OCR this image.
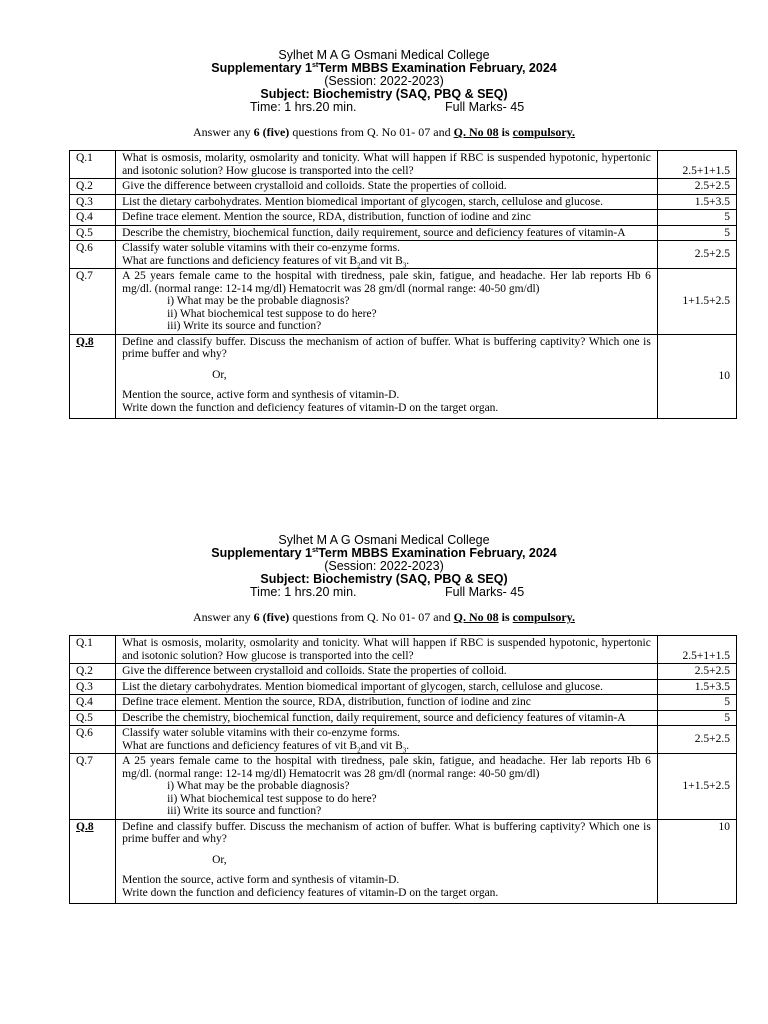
Sylhet M A G Osmani Medical College
Supplementary 1stTerm MBBS Examination February, 2024
(Session: 2022-2023)
Subject: Biochemistry (SAQ, PBQ & SEQ)
Time: 1 hrs.20 min.	Full Marks- 45
Answer any 6 (five) questions from Q. No 01- 07 and Q. No 08 is compulsory.
Q.1	What is osmosis, molarity, osmolarity and tonicity. What will happen if RBC is suspended hypotonic, hypertonic and isotonic solution? How glucose is transported into the cell?	2.5+1+1.5
Q.2	Give the difference between crystalloid and colloids. State the properties of colloid.	2.5+2.5
Q.3	List the dietary carbohydrates. Mention biomedical important of glycogen, starch, cellulose and glucose.	1.5+3.5
Q.4	Define trace element. Mention the source, RDA, distribution, function of iodine and zinc	5
Q.5	Describe the chemistry, biochemical function, daily requirement, source and deficiency features of vitamin-A	5
Q.6	Classify water soluble vitamins with their co-enzyme forms.
What are functions and deficiency features of vit $B_2and$ vit $B_3$.	2.5+2.5
Q.7	A 25 years female came to the hospital with tiredness, pale skin, fatigue, and headache. Her lab reports Hb 6 mg/dl. (normal range: 12-14 mg/dl) Hematocrit was 28 gm/dl (normal range: 40-50 gm/dl)
i) What may be the probable diagnosis?
ii) What biochemical test suppose to do here?
iii) Write its source and function?	1+1.5+2.5
Q.8	Define and classify buffer. Discuss the mechanism of action of buffer. What is buffering captivity? Which one is prime buffer and why?
Or,
Mention the source, active form and synthesis of vitamin-D.
Write down the function and deficiency features of vitamin-D on the target organ.	10
Sylhet M A G Osmani Medical College
Supplementary 1stTerm MBBS Examination February, 2024
(Session: 2022-2023)
Subject: Biochemistry (SAQ, PBQ & SEQ)
Time: 1 hrs.20 min.	Full Marks- 45
Answer any 6 (five) questions from Q. No 01- 07 and Q. No 08 is compulsory.
Q.1	What is osmosis, molarity, osmolarity and tonicity. What will happen if RBC is suspended hypotonic, hypertonic and isotonic solution? How glucose is transported into the cell?	2.5+1+1.5
Q.2	Give the difference between crystalloid and colloids. State the properties of colloid.	2.5+2.5
Q.3	List the dietary carbohydrates. Mention biomedical important of glycogen, starch, cellulose and glucose.	1.5+3.5
Q.4	Define trace element. Mention the source, RDA, distribution, function of iodine and zinc	5
Q.5	Describe the chemistry, biochemical function, daily requirement, source and deficiency features of vitamin-A	5
Q.6	Classify water soluble vitamins with their co-enzyme forms.
What are functions and deficiency features of vit $B_2and$ vit $B_3$.	2.5+2.5
Q.7	A 25 years female came to the hospital with tiredness, pale skin, fatigue, and headache. Her lab reports Hb 6 mg/dl. (normal range: 12-14 mg/dl) Hematocrit was 28 gm/dl (normal range: 40-50 gm/dl)
i) What may be the probable diagnosis?
ii) What biochemical test suppose to do here?
iii) Write its source and function?	1+1.5+2.5
Q.8	Define and classify buffer. Discuss the mechanism of action of buffer. What is buffering captivity? Which one is prime buffer and why?
Or,
Mention the source, active form and synthesis of vitamin-D.
Write down the function and deficiency features of vitamin-D on the target organ.	10
